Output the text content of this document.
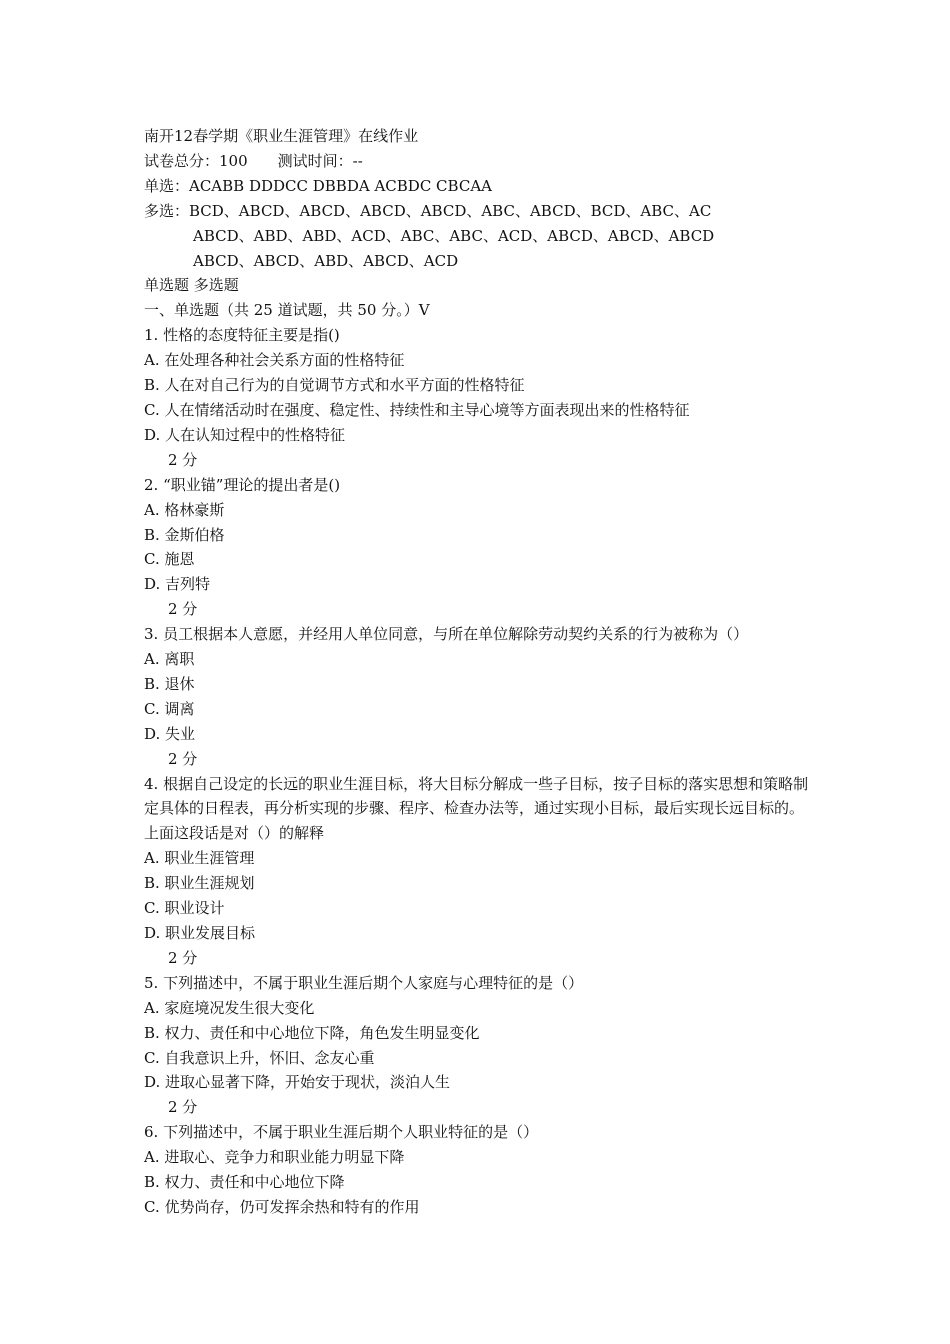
南开12春学期《职业生涯管理》在线作业
试卷总分：100 测试时间：--
单选：ACABB DDDCC DBBDA ACBDC CBCAA
多选：BCD、ABCD、ABCD、ABCD、ABCD、ABC、ABCD、BCD、ABC、AC
ABCD、ABD、ABD、ACD、ABC、ABC、ACD、ABCD、ABCD、ABCD
ABCD、ABCD、ABD、ABCD、ACD
单选题 多选题
一、单选题（共 25 道试题，共 50 分。）V
1. 性格的态度特征主要是指()
A. 在处理各种社会关系方面的性格特征
B. 人在对自己行为的自觉调节方式和水平方面的性格特征
C. 人在情绪活动时在强度、稳定性、持续性和主导心境等方面表现出来的性格特征
D. 人在认知过程中的性格特征
2 分
2. “职业锚”理论的提出者是()
A. 格林豪斯
B. 金斯伯格
C. 施恩
D. 吉列特
2 分
3. 员工根据本人意愿，并经用人单位同意，与所在单位解除劳动契约关系的行为被称为（）
A. 离职
B. 退休
C. 调离
D. 失业
2 分
4. 根据自己设定的长远的职业生涯目标，将大目标分解成一些子目标，按子目标的落实思想和策略制定具体的日程表，再分析实现的步骤、程序、检查办法等，通过实现小目标，最后实现长远目标的。上面这段话是对（）的解释
A. 职业生涯管理
B. 职业生涯规划
C. 职业设计
D. 职业发展目标
2 分
5. 下列描述中，不属于职业生涯后期个人家庭与心理特征的是（）
A. 家庭境况发生很大变化
B. 权力、责任和中心地位下降，角色发生明显变化
C. 自我意识上升，怀旧、念友心重
D. 进取心显著下降，开始安于现状，淡泊人生
2 分
6. 下列描述中，不属于职业生涯后期个人职业特征的是（）
A. 进取心、竞争力和职业能力明显下降
B. 权力、责任和中心地位下降
C. 优势尚存，仍可发挥余热和特有的作用
